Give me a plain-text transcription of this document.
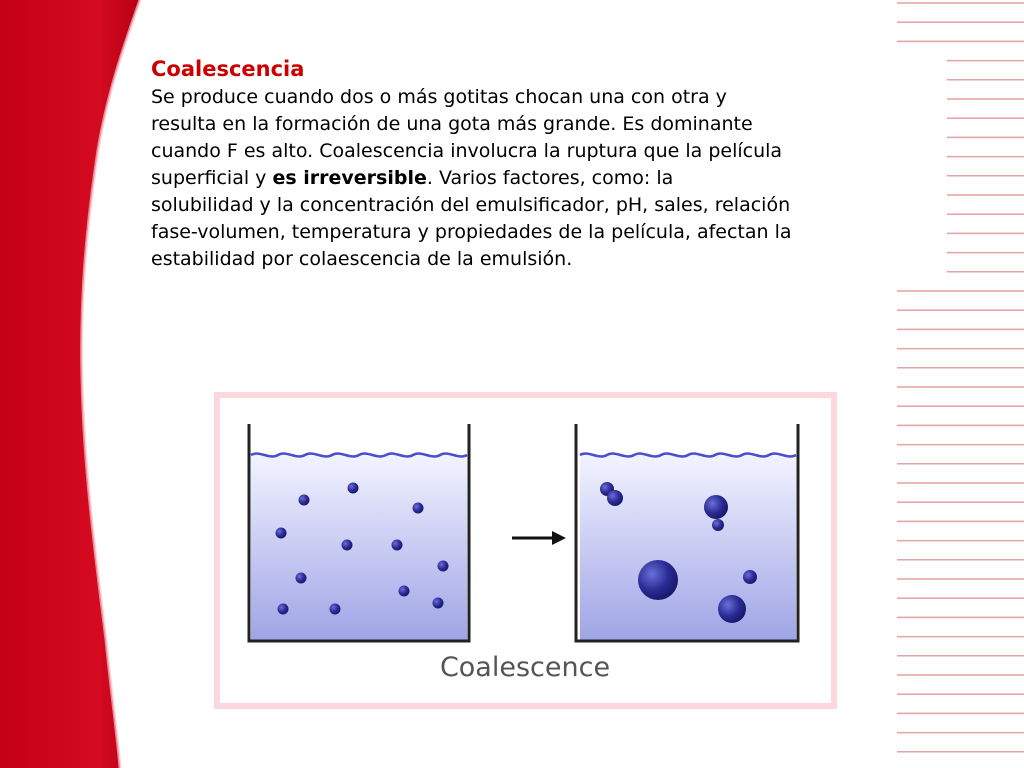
Coalescencia

Se produce cuando dos o más gotitas chocan una con otra y
resulta en la formación de una gota más grande. Es dominante
cuando F es alto. Coalescencia involucra la ruptura que la película
superficial y es irreversible. Varios factores, como: la
solubilidad y la concentración del emulsificador, pH, sales, relación
fase-volumen, temperatura y propiedades de la película, afectan la
estabilidad por colaescencia de la emulsión.

Coalescence
